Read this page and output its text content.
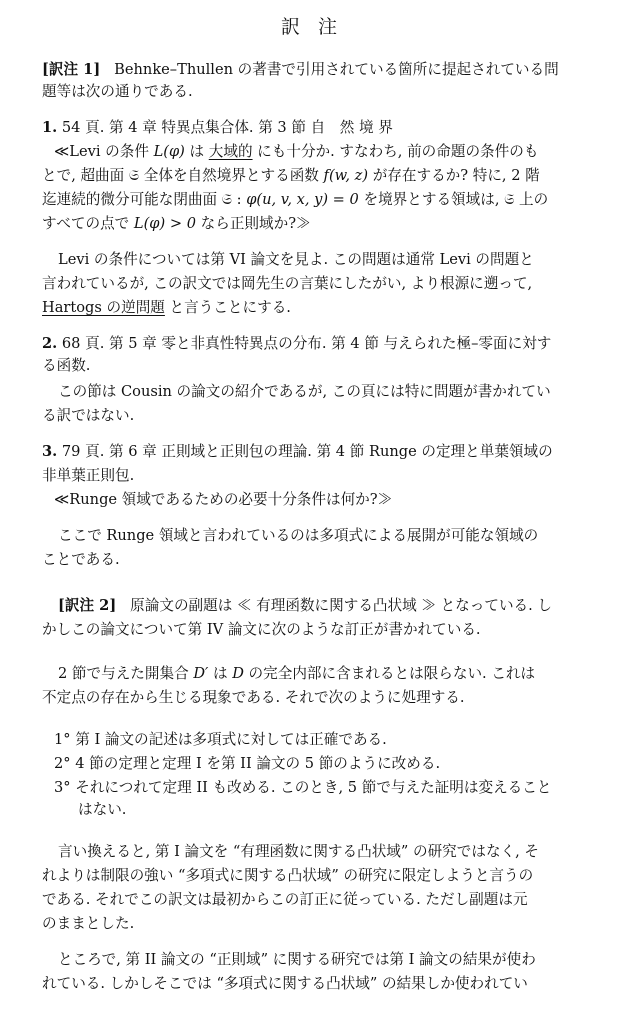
訳 注
[訳注 1] Behnke–Thullen の著書で引用されている箇所に提起されている問
題等は次の通りである.
1. 54 頁. 第 4 章 特異点集合体. 第 3 節 自　然 境 界
≪Levi の条件 L(φ) は 大域的 にも十分か. すなわち, 前の命題の条件のも
とで, 超曲面 𝔖 全体を自然境界とする函数 f(w, z) が存在するか? 特に, 2 階
迄連続的微分可能な閉曲面 𝔖 : φ(u, v, x, y) = 0 を境界とする領域は, 𝔖 上の
すべての点で L(φ) > 0 なら正則域か?≫
Levi の条件については第 VI 論文を見よ. この問題は通常 Levi の問題と
言われているが, この訳文では岡先生の言葉にしたがい, より根源に遡って,
Hartogs の逆問題 と言うことにする.
2. 68 頁. 第 5 章 零と非真性特異点の分布. 第 4 節 与えられた極–零面に対す
る函数.
この節は Cousin の論文の紹介であるが, この頁には特に問題が書かれてい
る訳ではない.
3. 79 頁. 第 6 章 正則域と正則包の理論. 第 4 節 Runge の定理と単葉領域の
非単葉正則包.
≪Runge 領域であるための必要十分条件は何か?≫
ここで Runge 領域と言われているのは多項式による展開が可能な領域の
ことである.
[訳注 2] 原論文の副題は ≪ 有理函数に関する凸状域 ≫ となっている. し
かしこの論文について第 IV 論文に次のような訂正が書かれている.
2 節で与えた開集合 D′ は D の完全内部に含まれるとは限らない. これは
不定点の存在から生じる現象である. それで次のように処理する.
1° 第 I 論文の記述は多項式に対しては正確である.
2° 4 節の定理と定理 I を第 II 論文の 5 節のように改める.
3° それにつれて定理 II も改める. このとき, 5 節で与えた証明は変えること
はない.
言い換えると, 第 I 論文を “有理函数に関する凸状域” の研究ではなく, そ
れよりは制限の強い “多項式に関する凸状域” の研究に限定しようと言うの
である. それでこの訳文は最初からこの訂正に従っている. ただし副題は元
のままとした.
ところで, 第 II 論文の “正則域” に関する研究では第 I 論文の結果が使わ
れている. しかしそこでは “多項式に関する凸状域” の結果しか使われてい
